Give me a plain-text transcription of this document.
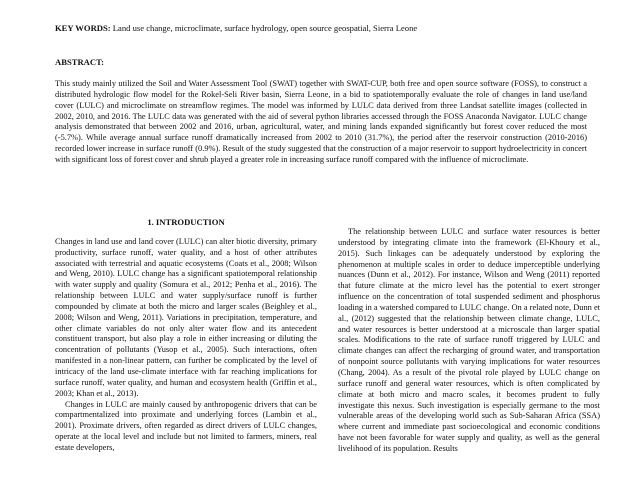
KEY WORDS: Land use change, microclimate, surface hydrology, open source geospatial, Sierra Leone
ABSTRACT:
This study mainly utilized the Soil and Water Assessment Tool (SWAT) together with SWAT-CUP, both free and open source software (FOSS), to construct a distributed hydrologic flow model for the Rokel-Seli River basin, Sierra Leone, in a bid to spatiotemporally evaluate the role of changes in land use/land cover (LULC) and microclimate on streamflow regimes. The model was informed by LULC data derived from three Landsat satellite images (collected in 2002, 2010, and 2016. The LULC data was generated with the aid of several python libraries accessed through the FOSS Anaconda Navigator. LULC change analysis demonstrated that between 2002 and 2016, urban, agricultural, water, and mining lands expanded significantly but forest cover reduced the most (-5.7%). While average annual surface runoff dramatically increased from 2002 to 2010 (31.7%), the period after the reservoir construction (2010-2016) recorded lower increase in surface runoff (0.9%). Result of the study suggested that the construction of a major reservoir to support hydroelectricity in concert with significant loss of forest cover and shrub played a greater role in increasing surface runoff compared with the influence of microclimate.
1. INTRODUCTION

Changes in land use and land cover (LULC) can alter biotic diversity, primary productivity, surface runoff, water quality, and a host of other attributes associated with terrestrial and aquatic ecosystems (Coats et al., 2008; Wilson and Weng, 2010). LULC change has a significant spatiotemporal relationship with water supply and quality (Somura et al., 2012; Penha et al., 2016). The relationship between LULC and water supply/surface runoff is further compounded by climate at both the micro and larger scales (Beighley et al., 2008; Wilson and Weng, 2011). Variations in precipitation, temperature, and other climate variables do not only alter water flow and its antecedent constituent transport, but also play a role in either increasing or diluting the concentration of pollutants (Yusop et al., 2005). Such interactions, often manifested in a non-linear pattern, can further be complicated by the level of intricacy of the land use-climate interface with far reaching implications for surface runoff, water quality, and human and ecosystem health (Griffin et al., 2003; Khan et al., 2013).

Changes in LULC are mainly caused by anthropogenic drivers that can be compartmentalized into proximate and underlying forces (Lambin et al., 2001). Proximate drivers, often regarded as direct drivers of LULC changes, operate at the local level and include but not limited to farmers, miners, real estate developers,

The relationship between LULC and surface water resources is better understood by integrating climate into the framework (El-Khoury et al., 2015). Such linkages can be adequately understood by exploring the phenomenon at multiple scales in order to deduce imperceptible underlying nuances (Dunn et al., 2012). For instance, Wilson and Weng (2011) reported that future climate at the micro level has the potential to exert stronger influence on the concentration of total suspended sediment and phosphorus loading in a watershed compared to LULC change. On a related note, Dunn et al., (2012) suggested that the relationship between climate change, LULC, and water resources is better understood at a microscale than larger spatial scales. Modifications to the rate of surface runoff triggered by LULC and climate changes can affect the recharging of ground water, and transportation of nonpoint source pollutants with varying implications for water resources (Chang, 2004). As a result of the pivotal role played by LULC change on surface runoff and general water resources, which is often complicated by climate at both micro and macro scales, it becomes prudent to fully investigate this nexus. Such investigation is especially germane to the most vulnerable areas of the developing world such as Sub-Saharan Africa (SSA) where current and immediate past socioecological and economic conditions have not been favorable for water supply and quality, as well as the general livelihood of its population. Results
